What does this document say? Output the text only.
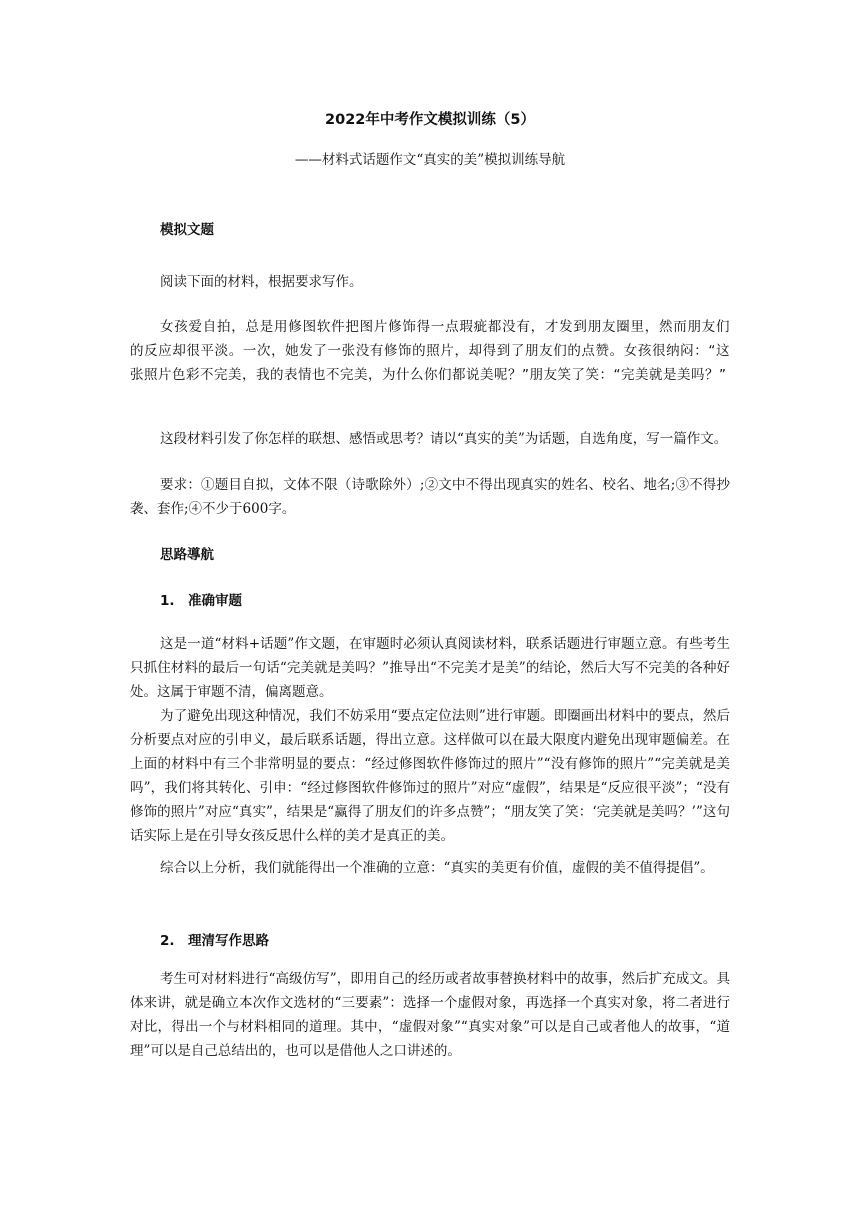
2022年中考作文模拟训练（5）
——材料式话题作文“真实的美”模拟训练导航
模拟文题

阅读下面的材料，根据要求写作。

女孩爱自拍，总是用修图软件把图片修饰得一点瑕疵都没有，才发到朋友圈里，然而朋友们的反应却很平淡。一次，她发了一张没有修饰的照片，却得到了朋友们的点赞。女孩很纳闷：“这张照片色彩不完美，我的表情也不完美，为什么你们都说美呢？”朋友笑了笑：“完美就是美吗？”

这段材料引发了你怎样的联想、感悟或思考？请以“真实的美”为话题，自选角度，写一篇作文。

要求：①题目自拟，文体不限（诗歌除外）;②文中不得出现真实的姓名、校名、地名;③不得抄袭、套作;④不少于600字。

思路導航
1.　准确审题

这是一道“材料+话题”作文题，在审题时必须认真阅读材料，联系话题进行审题立意。有些考生只抓住材料的最后一句话“完美就是美吗？”推导出“不完美才是美”的结论，然后大写不完美的各种好处。这属于审题不清，偏离题意。

为了避免出现这种情况，我们不妨采用“要点定位法则”进行审题。即圈画出材料中的要点，然后分析要点对应的引申义，最后联系话题，得出立意。这样做可以在最大限度内避免出现审题偏差。在上面的材料中有三个非常明显的要点：“经过修图软件修饰过的照片”“没有修饰的照片”“完美就是美吗”，我们将其转化、引申：“经过修图软件修饰过的照片”对应“虚假”，结果是“反应很平淡”；“没有修饰的照片”对应“真实”，结果是“赢得了朋友们的许多点赞”；“朋友笑了笑：‘完美就是美吗？’”这句话实际上是在引导女孩反思什么样的美才是真正的美。

综合以上分析，我们就能得出一个准确的立意：“真实的美更有价值，虚假的美不值得提倡”。

2.　理清写作思路

考生可对材料进行“高级仿写”，即用自己的经历或者故事替换材料中的故事，然后扩充成文。具体来讲，就是确立本次作文选材的“三要素”：选择一个虚假对象，再选择一个真实对象，将二者进行对比，得出一个与材料相同的道理。其中，“虚假对象”“真实对象”可以是自己或者他人的故事，“道理”可以是自己总结出的，也可以是借他人之口讲述的。
